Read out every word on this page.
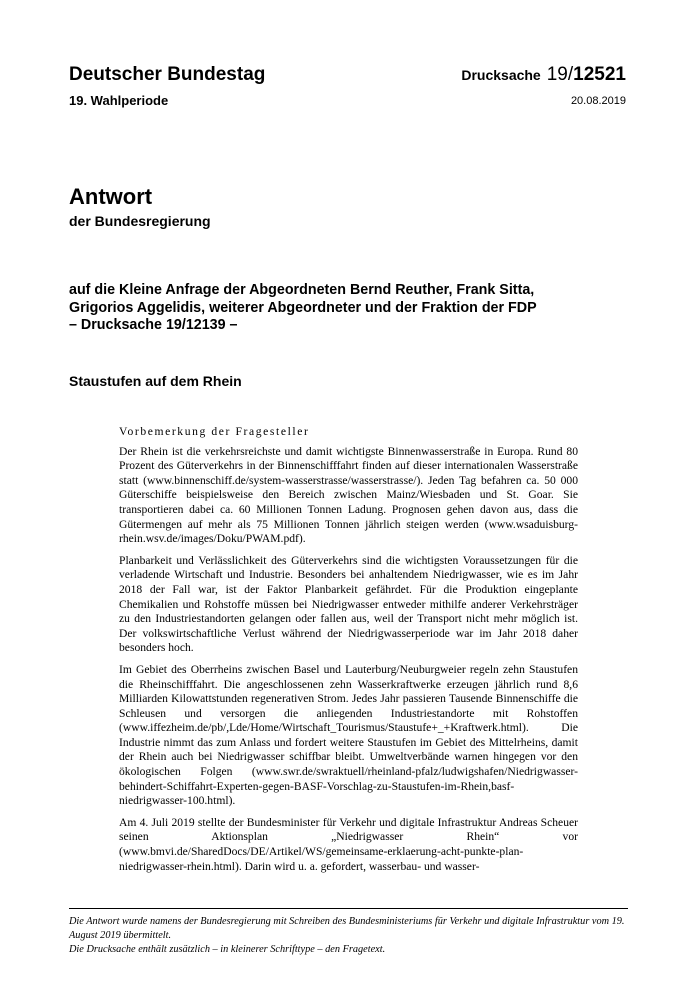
Deutscher Bundestag
19. Wahlperiode
Drucksache 19/12521
20.08.2019
Antwort
der Bundesregierung
auf die Kleine Anfrage der Abgeordneten Bernd Reuther, Frank Sitta,
Grigorios Aggelidis, weiterer Abgeordneter und der Fraktion der FDP
– Drucksache 19/12139 –
Staustufen auf dem Rhein
Vorbemerkung der Fragesteller

Der Rhein ist die verkehrsreichste und damit wichtigste Binnenwasserstraße in Europa. Rund 80 Prozent des Güterverkehrs in der Binnenschifffahrt finden auf dieser internationalen Wasserstraße statt (www.binnenschiff.de/system-wasserstrasse/wasserstrasse/). Jeden Tag befahren ca. 50 000 Güterschiffe beispielsweise den Bereich zwischen Mainz/Wiesbaden und St. Goar. Sie transportieren dabei ca. 60 Millionen Tonnen Ladung. Prognosen gehen davon aus, dass die Gütermengen auf mehr als 75 Millionen Tonnen jährlich steigen werden (www.wsaduisburg-rhein.wsv.de/images/Doku/PWAM.pdf).

Planbarkeit und Verlässlichkeit des Güterverkehrs sind die wichtigsten Voraussetzungen für die verladende Wirtschaft und Industrie. Besonders bei anhaltendem Niedrigwasser, wie es im Jahr 2018 der Fall war, ist der Faktor Planbarkeit gefährdet. Für die Produktion eingeplante Chemikalien und Rohstoffe müssen bei Niedrigwasser entweder mithilfe anderer Verkehrsträger zu den Industriestandorten gelangen oder fallen aus, weil der Transport nicht mehr möglich ist. Der volkswirtschaftliche Verlust während der Niedrigwasserperiode war im Jahr 2018 daher besonders hoch.

Im Gebiet des Oberrheins zwischen Basel und Lauterburg/Neuburgweier regeln zehn Staustufen die Rheinschifffahrt. Die angeschlossenen zehn Wasserkraftwerke erzeugen jährlich rund 8,6 Milliarden Kilowattstunden regenerativen Strom. Jedes Jahr passieren Tausende Binnenschiffe die Schleusen und versorgen die anliegenden Industriestandorte mit Rohstoffen (www.iffezheim.de/pb/,Lde/Home/Wirtschaft_Tourismus/Staustufe+_+Kraftwerk.html). Die Industrie nimmt das zum Anlass und fordert weitere Staustufen im Gebiet des Mittelrheins, damit der Rhein auch bei Niedrigwasser schiffbar bleibt. Umweltverbände warnen hingegen vor den ökologischen Folgen (www.swr.de/swraktuell/rheinland-pfalz/ludwigshafen/Niedrigwasser-behindert-Schiffahrt-Experten-gegen-BASF-Vorschlag-zu-Staustufen-im-Rhein,basf-niedrigwasser-100.html).

Am 4. Juli 2019 stellte der Bundesminister für Verkehr und digitale Infrastruktur Andreas Scheuer seinen Aktionsplan „Niedrigwasser Rhein“ vor (www.bmvi.de/SharedDocs/DE/Artikel/WS/gemeinsame-erklaerung-acht-punkte-plan-niedrigwasser-rhein.html). Darin wird u. a. gefordert, wasserbau- und wasser-

Die Antwort wurde namens der Bundesregierung mit Schreiben des Bundesministeriums für Verkehr und digitale Infrastruktur vom 19. August 2019 übermittelt.

Die Drucksache enthält zusätzlich – in kleinerer Schrifttype – den Fragetext.
